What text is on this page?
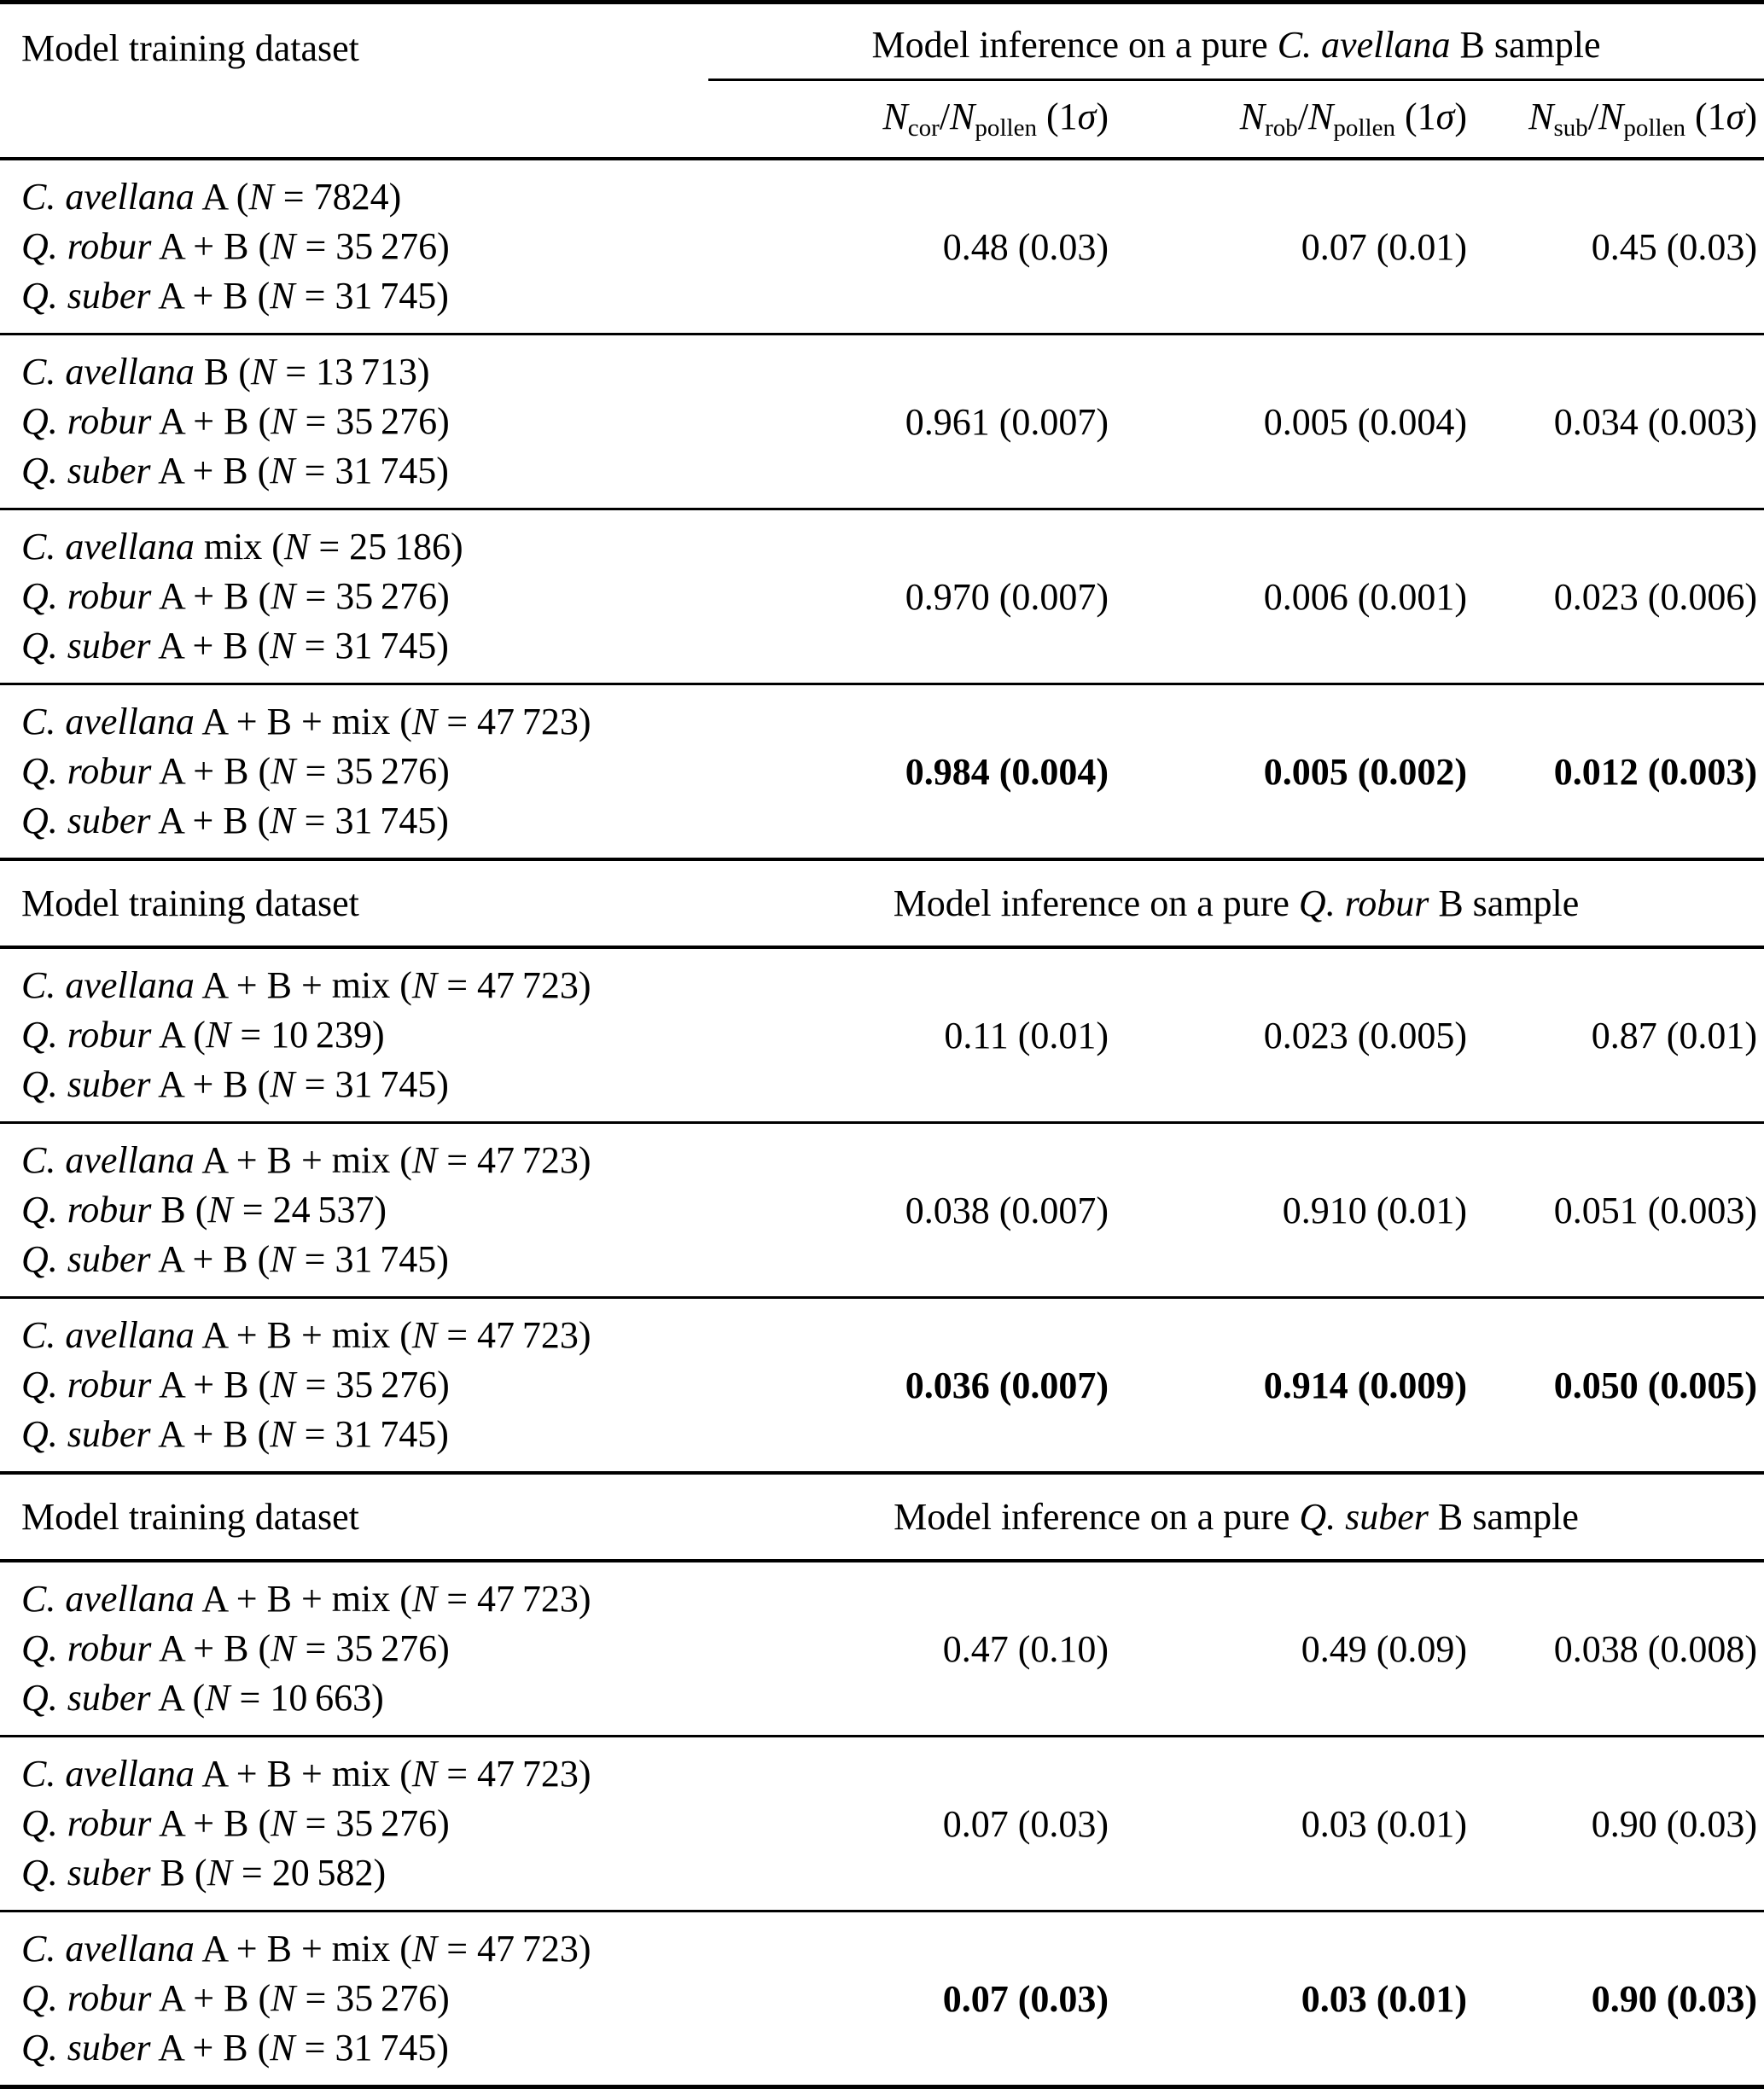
Model training dataset	Model inference on a pure C. avellana B sample
$N_{cor}/N_{pollen}$ (1σ)	$N_{rob}/N_{pollen}$ (1σ)	$N_{sub}/N_{pollen}$ (1σ)
C. avellana A (N = 7824)
Q. robur A + B (N = 35 276)
Q. suber A + B (N = 31 745)
0.48 (0.03)	0.07 (0.01)	0.45 (0.03)
C. avellana B (N = 13 713)
Q. robur A + B (N = 35 276)
Q. suber A + B (N = 31 745)
0.961 (0.007)	0.005 (0.004)	0.034 (0.003)
C. avellana mix (N = 25 186)
Q. robur A + B (N = 35 276)
Q. suber A + B (N = 31 745)
0.970 (0.007)	0.006 (0.001)	0.023 (0.006)
C. avellana A + B + mix (N = 47 723)
Q. robur A + B (N = 35 276)
Q. suber A + B (N = 31 745)
0.984 (0.004)	0.005 (0.002)	0.012 (0.003)
Model training dataset	Model inference on a pure Q. robur B sample
C. avellana A + B + mix (N = 47 723)
Q. robur A (N = 10 239)
Q. suber A + B (N = 31 745)
0.11 (0.01)	0.023 (0.005)	0.87 (0.01)
C. avellana A + B + mix (N = 47 723)
Q. robur B (N = 24 537)
Q. suber A + B (N = 31 745)
0.038 (0.007)	0.910 (0.01)	0.051 (0.003)
C. avellana A + B + mix (N = 47 723)
Q. robur A + B (N = 35 276)
Q. suber A + B (N = 31 745)
0.036 (0.007)	0.914 (0.009)	0.050 (0.005)
Model training dataset	Model inference on a pure Q. suber B sample
C. avellana A + B + mix (N = 47 723)
Q. robur A + B (N = 35 276)
Q. suber A (N = 10 663)
0.47 (0.10)	0.49 (0.09)	0.038 (0.008)
C. avellana A + B + mix (N = 47 723)
Q. robur A + B (N = 35 276)
Q. suber B (N = 20 582)
0.07 (0.03)	0.03 (0.01)	0.90 (0.03)
C. avellana A + B + mix (N = 47 723)
Q. robur A + B (N = 35 276)
Q. suber A + B (N = 31 745)
0.07 (0.03)	0.03 (0.01)	0.90 (0.03)
